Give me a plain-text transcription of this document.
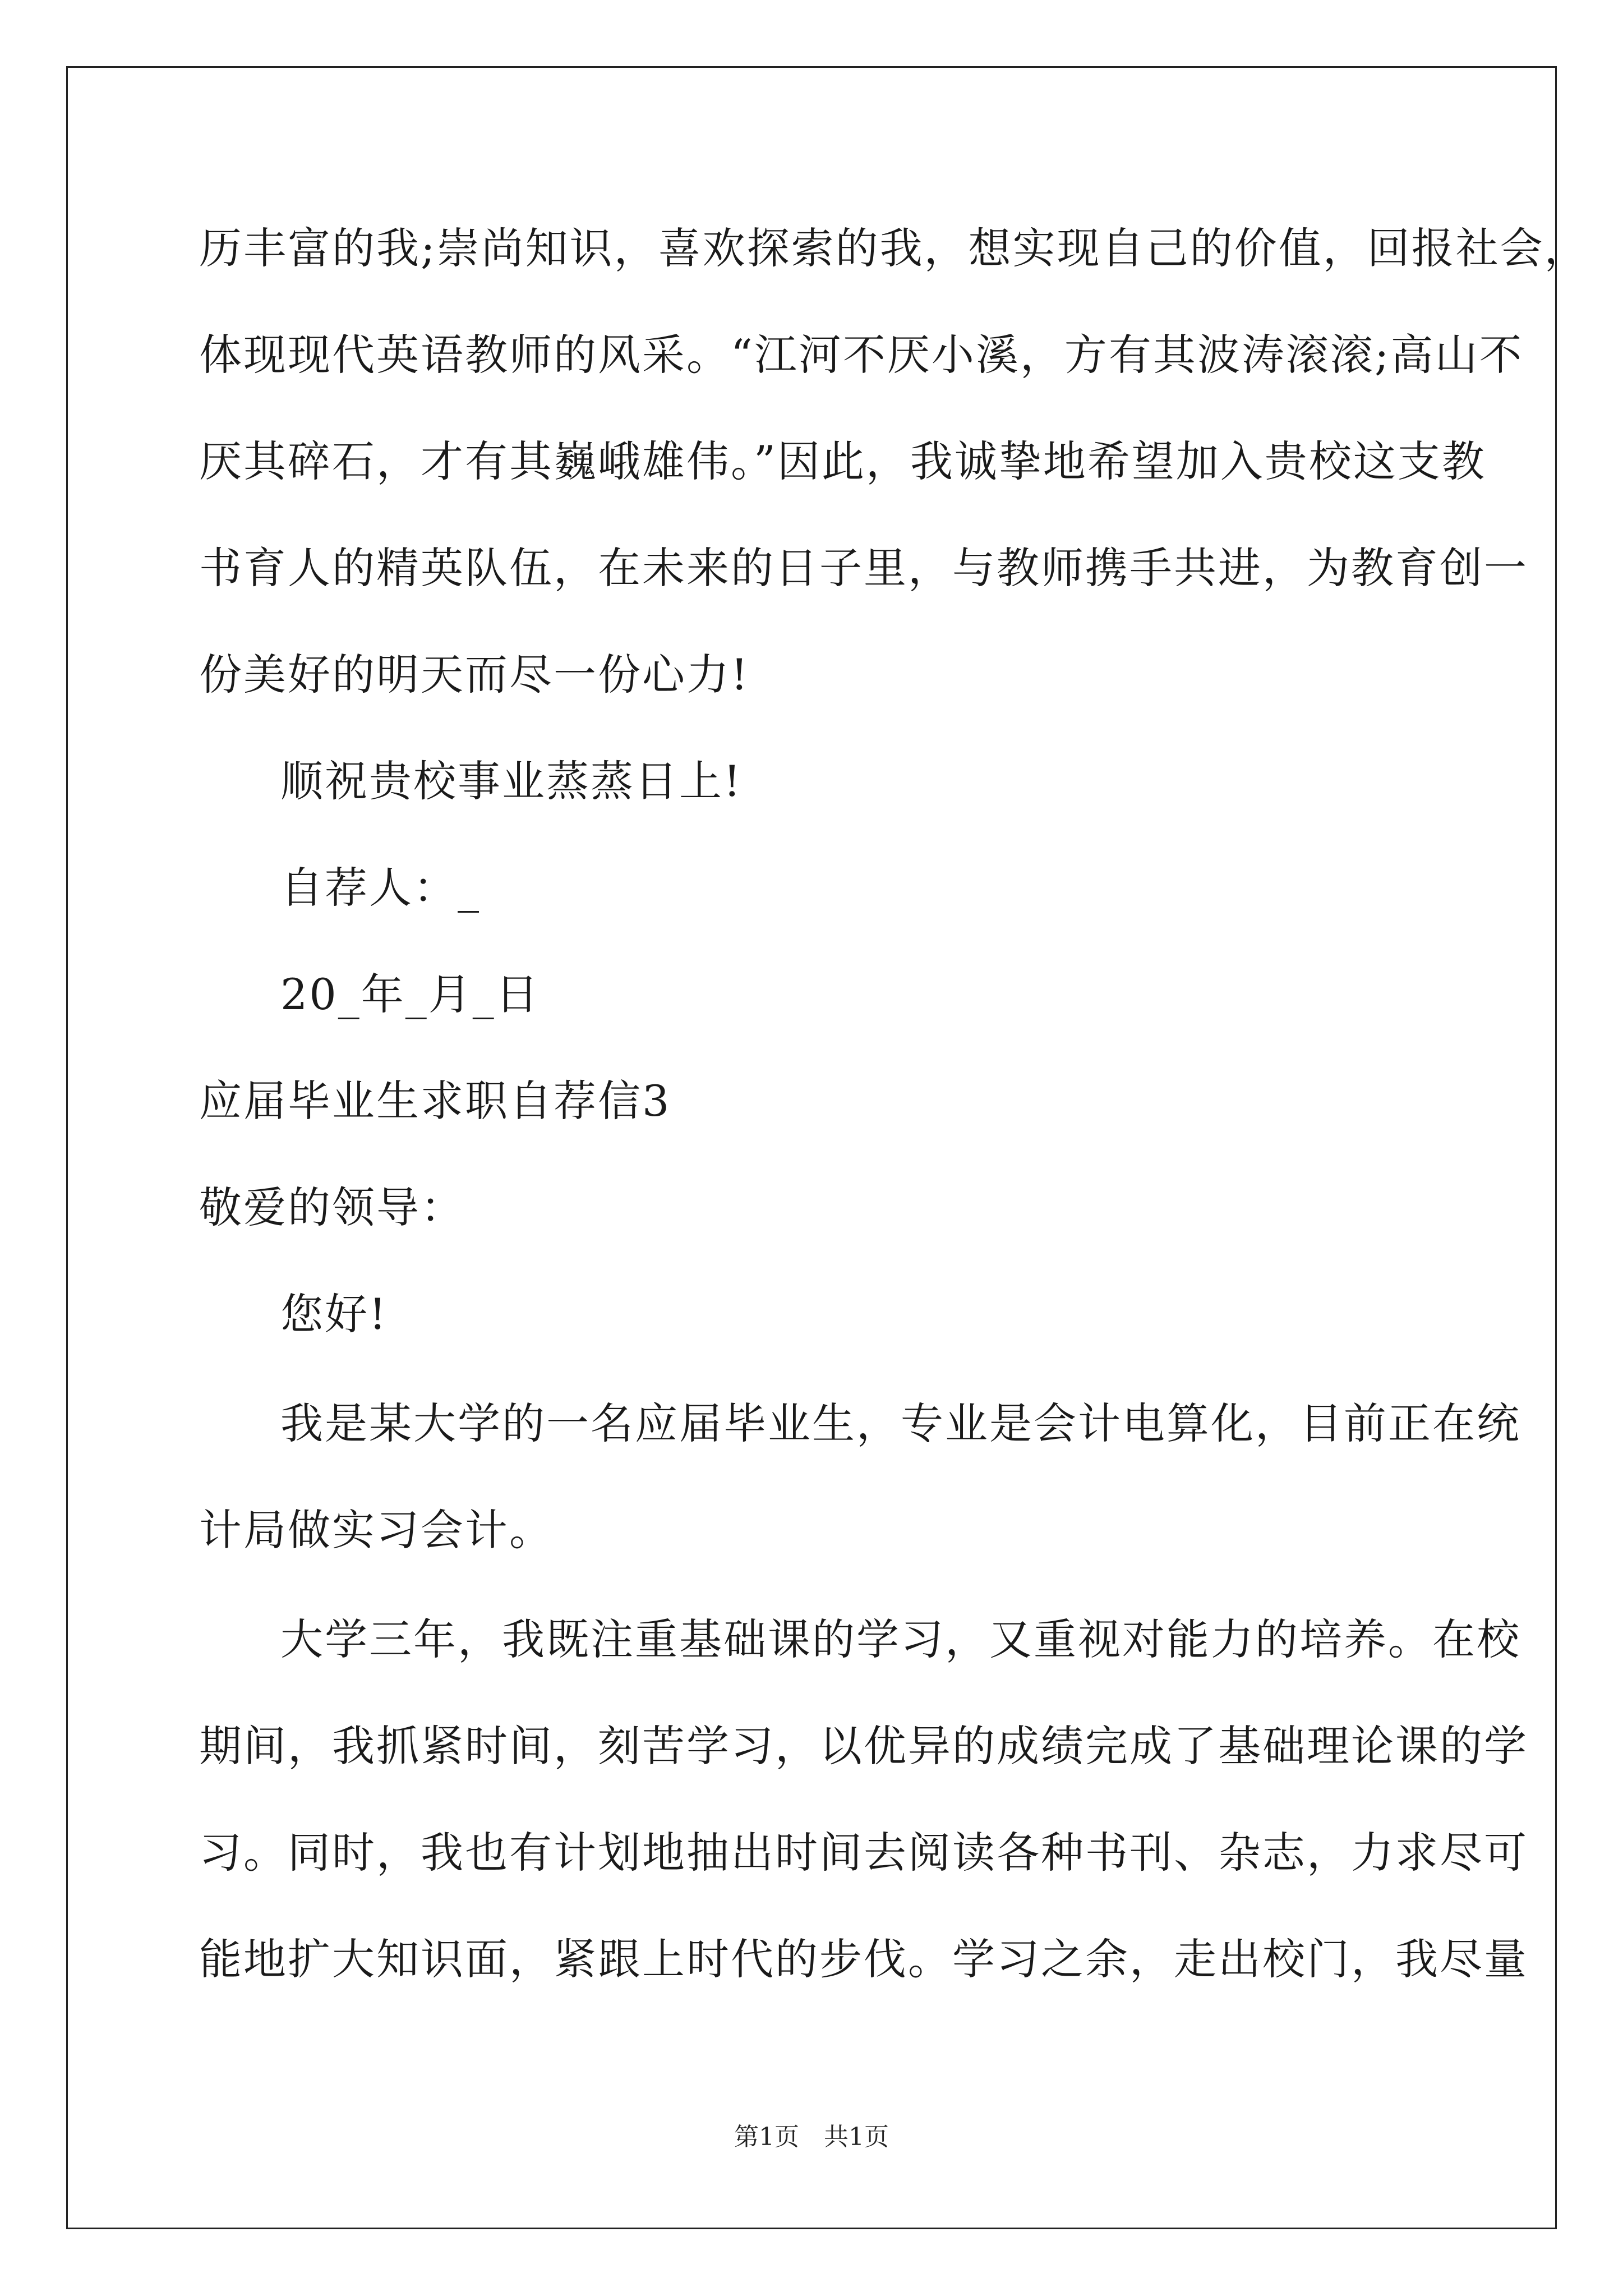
历丰富的我;崇尚知识，喜欢探索的我，想实现自己的价值，回报社会，
体现现代英语教师的风采。“江河不厌小溪，方有其波涛滚滚;高山不
厌其碎石，才有其巍峨雄伟。”因此，我诚挚地希望加入贵校这支教
书育人的精英队伍，在未来的日子里，与教师携手共进，为教育创一
份美好的明天而尽一份心力!
顺祝贵校事业蒸蒸日上!
自荐人：_
20_年_月_日
应届毕业生求职自荐信3
敬爱的领导：
您好!
我是某大学的一名应届毕业生，专业是会计电算化，目前正在统
计局做实习会计。
大学三年，我既注重基础课的学习，又重视对能力的培养。在校
期间，我抓紧时间，刻苦学习，以优异的成绩完成了基础理论课的学
习。同时，我也有计划地抽出时间去阅读各种书刊、杂志，力求尽可
能地扩大知识面，紧跟上时代的步伐。学习之余，走出校门，我尽量
第1页　共1页
